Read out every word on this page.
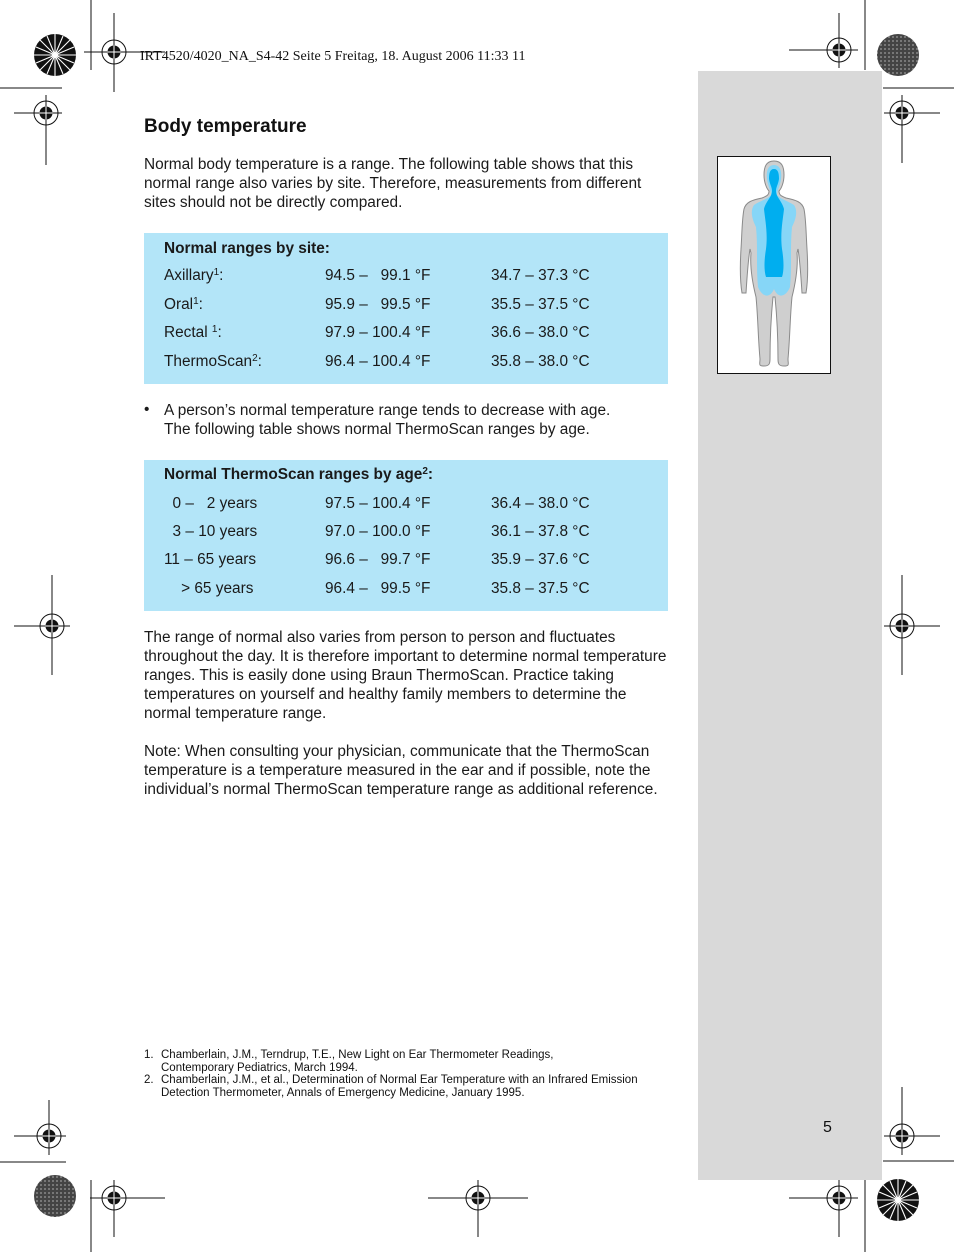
IRT4520/4020_NA_S4-42 Seite 5 Freitag, 18. August 2006 11:33 11
Body temperature
Normal body temperature is a range. The following table shows that this normal range also varies by site. Therefore, measurements from different sites should not be directly compared.
Normal ranges by site:
Axillary$^1$:	94.5 –   99.1 °F	34.7 – 37.3 °C
Oral$^1$:	95.9 –   99.5 °F	35.5 – 37.5 °C
Rectal $^1$:	97.9 – 100.4 °F	36.6 – 38.0 °C
ThermoScan$^2$:	96.4 – 100.4 °F	35.8 – 38.0 °C
• A person’s normal temperature range tends to decrease with age.
The following table shows normal ThermoScan ranges by age.
Normal ThermoScan ranges by age$^2$:
0 –   2 years	97.5 – 100.4 °F	36.4 – 38.0 °C
3 – 10 years	97.0 – 100.0 °F	36.1 – 37.8 °C
11 – 65 years	96.6 –   99.7 °F	35.9 – 37.6 °C
> 65 years	96.4 –   99.5 °F	35.8 – 37.5 °C
The range of normal also varies from person to person and fluctuates throughout the day. It is therefore important to determine normal temperature ranges. This is easily done using Braun ThermoScan. Practice taking temperatures on yourself and healthy family members to determine the normal temperature range.
Note: When consulting your physician, communicate that the ThermoScan temperature is a temperature measured in the ear and if possible, note the individual’s normal ThermoScan temperature range as additional reference.
1. Chamberlain, J.M., Terndrup, T.E., New Light on Ear Thermometer Readings, Contemporary Pediatrics, March 1994.
2. Chamberlain, J.M., et al., Determination of Normal Ear Temperature with an Infrared Emission Detection Thermometer, Annals of Emergency Medicine, January 1995.
5
